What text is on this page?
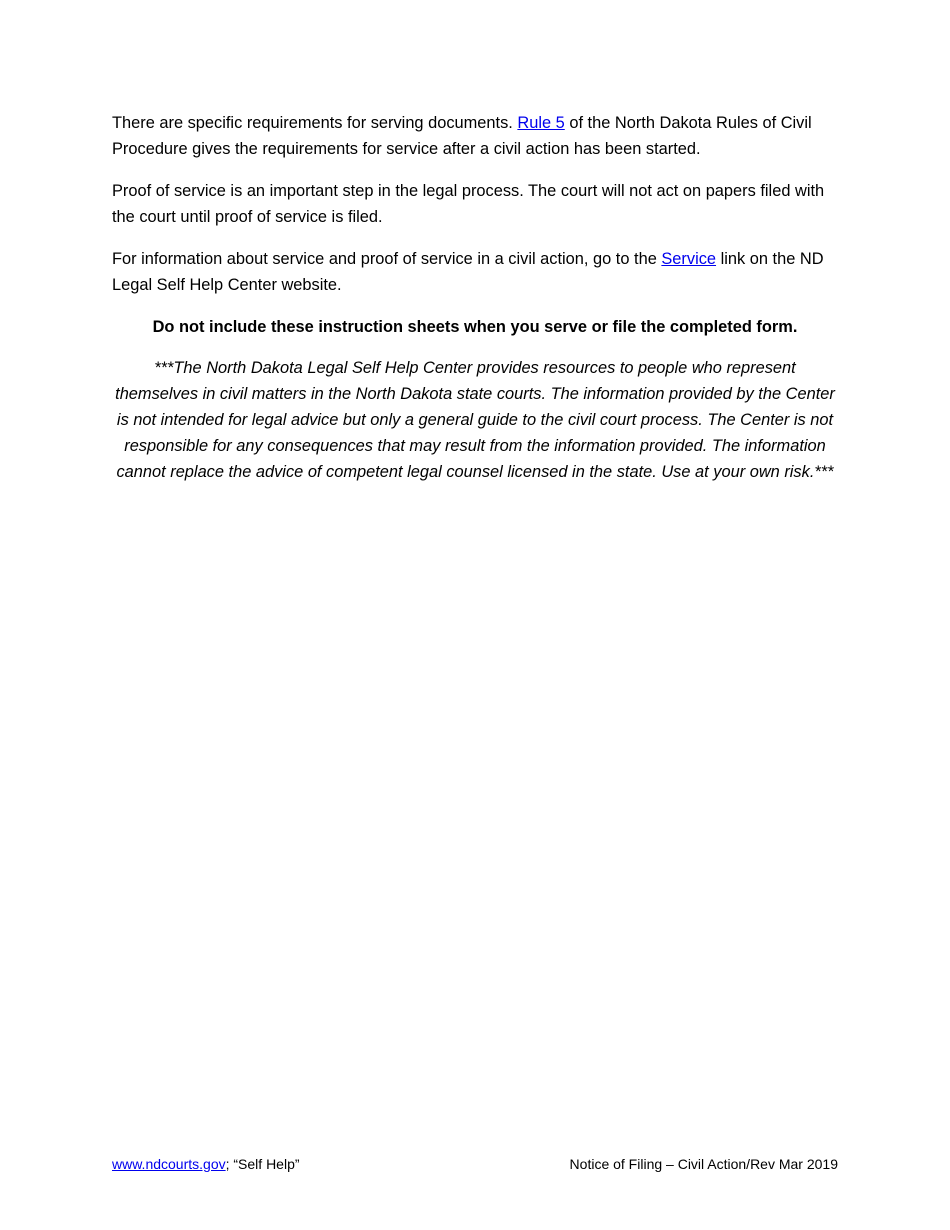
There are specific requirements for serving documents. Rule 5 of the North Dakota Rules of Civil Procedure gives the requirements for service after a civil action has been started.

Proof of service is an important step in the legal process. The court will not act on papers filed with the court until proof of service is filed.

For information about service and proof of service in a civil action, go to the Service link on the ND Legal Self Help Center website.

Do not include these instruction sheets when you serve or file the completed form.

***The North Dakota Legal Self Help Center provides resources to people who represent themselves in civil matters in the North Dakota state courts. The information provided by the Center is not intended for legal advice but only a general guide to the civil court process. The Center is not responsible for any consequences that may result from the information provided. The information cannot replace the advice of competent legal counsel licensed in the state. Use at your own risk.***

www.ndcourts.gov; “Self Help”	Notice of Filing – Civil Action/Rev Mar 2019
